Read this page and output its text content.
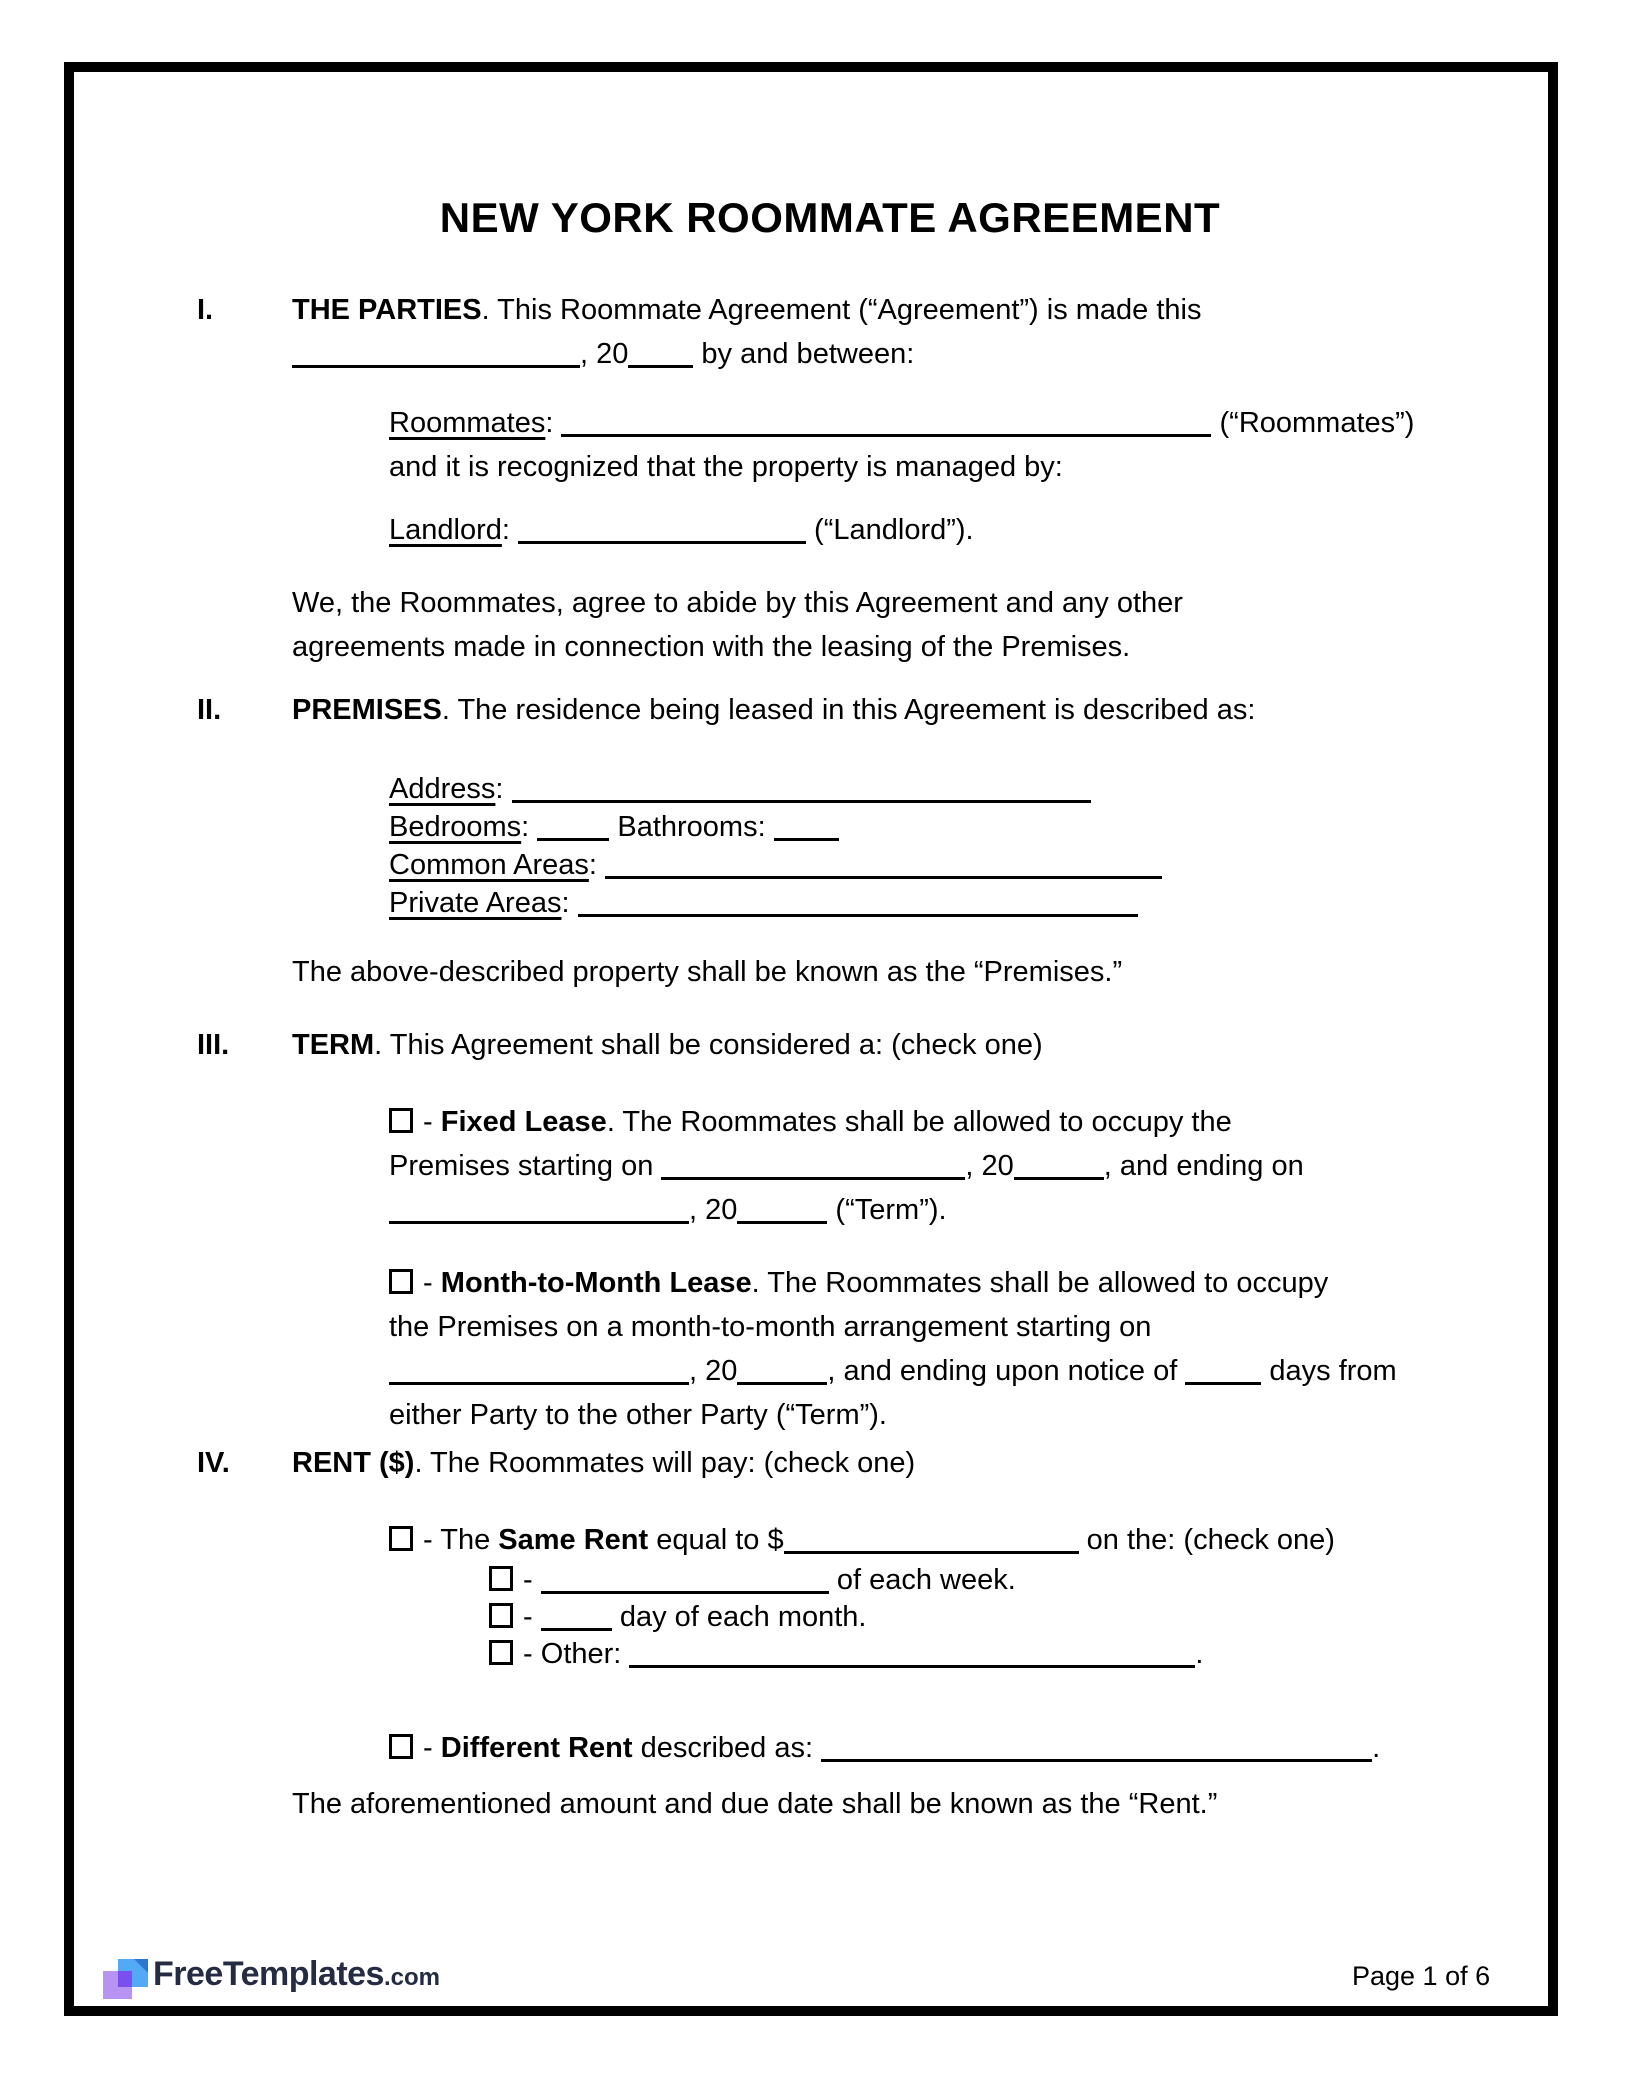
NEW YORK ROOMMATE AGREEMENT
I.	THE PARTIES. This Roommate Agreement (“Agreement”) is made this
, 20 by and between:
Roommates:	(“Roommates”)
and it is recognized that the property is managed by:
Landlord:	(“Landlord”).
We, the Roommates, agree to abide by this Agreement and any other
agreements made in connection with the leasing of the Premises.
II. PREMISES. The residence being leased in this Agreement is described as:
Address:
Bedrooms:  Bathrooms:
Common Areas:
Private Areas:
The above-described property shall be known as the “Premises.”
III. TERM. This Agreement shall be considered a: (check one)
- Fixed Lease. The Roommates shall be allowed to occupy the
Premises starting on	, 20	, and ending on
, 20	(“Term”).
- Month-to-Month Lease. The Roommates shall be allowed to occupy
the Premises on a month-to-month arrangement starting on
, 20	, and ending upon notice of	days from
either Party to the other Party (“Term”).
IV. RENT ($). The Roommates will pay: (check one)
- The Same Rent equal to $	on the: (check one)
-	of each week.
-  day of each month.
- Other:	.
- Different Rent described as:	.
The aforementioned amount and due date shall be known as the “Rent.”
FreeTemplates .com	Page 1 of 6
